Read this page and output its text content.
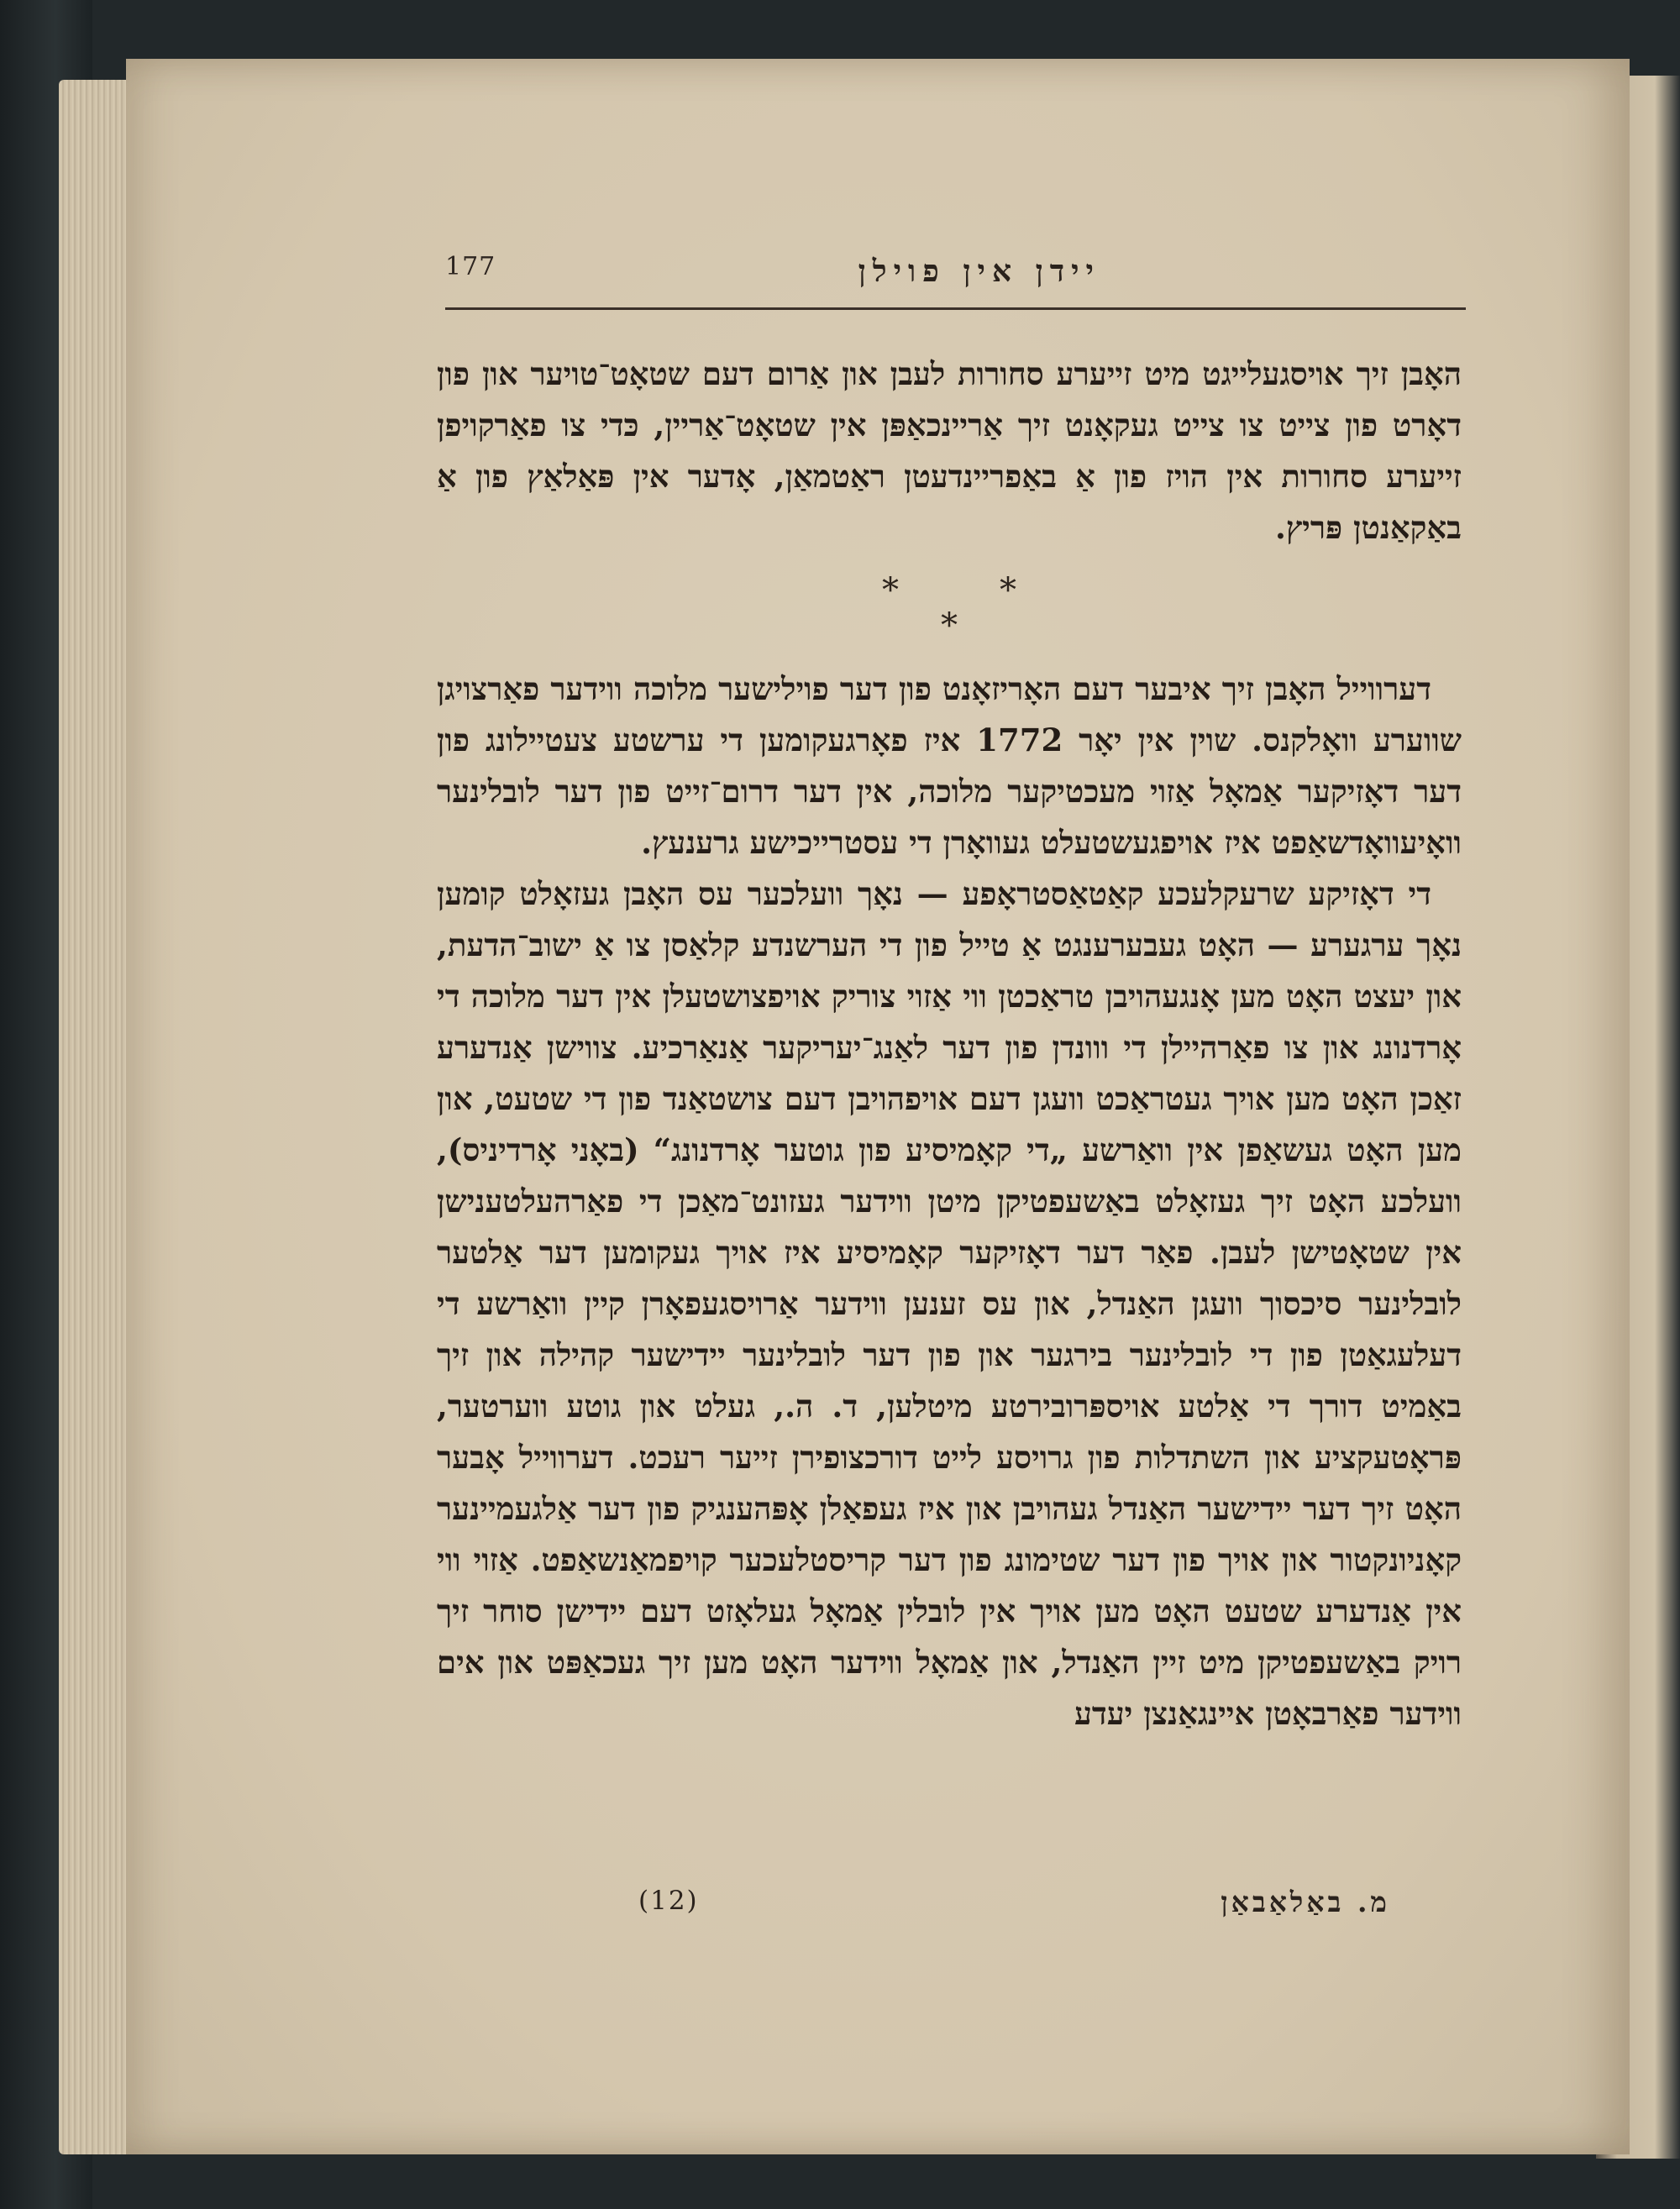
177	יידן אין פוילן

האָבן זיך אויסגעלייגט מיט זייערע סחורות לעבן און אַרום דעם שטאָט־טויער און פון דאָרט פון צייט צו צייט געקאָנט זיך אַריינכאַפּן אין שטאָט־אַריין, כּדי צו פאַרקויפן זייערע סחורות אין הויז פון אַ באַפריינדעטן ראַטמאַן, אָדער אין פּאַלאַץ פון אַ באַקאַנטן פּריץ.

*	*
*

דערווייל האָבן זיך איבער דעם האָריזאָנט פון דער פוילישער מלוכה ווידער פאַרצויגן שווערע וואָלקנס. שוין אין יאָר 1772 איז פאָרגעקומען די ערשטע צעטיילונג פון דער דאָזיקער אַמאָל אַזוי מעכטיקער מלוכה, אין דער דרום־זייט פון דער לובלינער וואָיעוואָדשאַפט איז אויפגעשטעלט געוואָרן די עסטרייכישע גרענעץ.

די דאָזיקע שרעקלעכע קאַטאַסטראָפע — נאָך וועלכער עס האָבן געזאָלט קומען נאָך ערגערע — האָט געבערענגט אַ טייל פון די הערשנדע קלאַסן צו אַ ישוב־הדעת, און יעצט האָט מען אָנגעהויבן טראַכטן ווי אַזוי צוריק אויפצושטעלן אין דער מלוכה די אָרדנונג און צו פאַרהיילן די ווונדן פון דער לאַנג־יעריקער אַנאַרכיע. צווישן אַנדערע זאַכן האָט מען אויך געטראַכט וועגן דעם אויפהויבן דעם צושטאַנד פון די שטעט, און מען האָט געשאַפן אין וואַרשע „די קאָמיסיע פון גוטער אָרדנונג“ (באָני אָרדיניס), וועלכע האָט זיך געזאָלט באַשעפטיקן מיטן ווידער געזונט־מאַכן די פאַרהעלטענישן אין שטאָטישן לעבן. פאַר דער דאָזיקער קאָמיסיע איז אויך געקומען דער אַלטער לובלינער סיכסוך וועגן האַנדל, און עס זענען ווידער אַרויסגעפאָרן קיין וואַרשע די דעלעגאַטן פון די לובלינער בירגער און פון דער לובלינער יידישער קהילה און זיך באַמיט דורך די אַלטע אויספּרובירטע מיטלען, ד. ה., געלט און גוטע ווערטער, פּראָטעקציע און השתדלות פון גרויסע לייט דורכצופירן זייער רעכט. דערווייל אָבער האָט זיך דער יידישער האַנדל געהויבן און איז געפאַלן אָפּהענגיק פון דער אַלגעמיינער קאָניונקטור און אויך פון דער שטימונג פון דער קריסטלעכער קויפמאַנשאַפט. אַזוי ווי אין אַנדערע שטעט האָט מען אויך אין לובלין אַמאָל געלאָזט דעם יידישן סוחר זיך רויק באַשעפטיקן מיט זיין האַנדל, און אַמאָל ווידער האָט מען זיך געכאַפּט און אים ווידער פאַרבאָטן איינגאַנצן יעדע

(12)	מ. באַלאַבאַן
